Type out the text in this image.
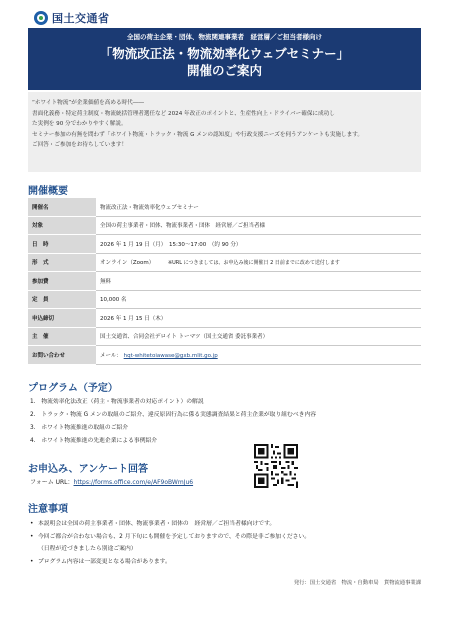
国土交通省
全国の荷主企業・団体、物流関連事業者　経営層／ご担当者様向け
「物流改正法・物流効率化ウェブセミナー」
開催のご案内
“ホワイト物流”が企業価値を高める時代――
書面化義務・特定荷主制度・物流統括管理者選任など 2024 年改正のポイントと、生産性向上・ドライバー確保に成功し
た実例を 90 分でわかりやすく解説。
セミナー参加の有無を問わず「ホワイト物流・トラック・物流 G メンの認知度」や行政支援ニーズを伺うアンケートも実施します。
ご回答・ご参加をお待ちしています！
開催概要
開催名	物流改正法・物流効率化ウェブセミナー
対象	全国の荷主事業者・団体、物流事業者・団体　経営層／ご担当者様
日　時	2026 年 1 月 19 日（月）　15:30～17:00　（約 90 分）
形　式	オンライン（Zoom） ※URL につきましては、お申込み後に開催日 2 日前までに改めて送付します
参加費	無料
定　員	10,000 名
申込締切	2026 年 1 月 15 日（木）
主　催	国土交通省、合同会社デロイト トーマツ（国土交通省 委託事業者）
お問い合わせ	メール： hqt-whitetoiawase@gxb.mlit.go.jp
プログラム（予定）
1.　物流効率化法改正（荷主・物流事業者の対応ポイント）の解説
2.　トラック・物流 G メンの取組のご紹介、違反原因行為に係る実態調査結果と荷主企業が取り組むべき内容
3.　ホワイト物流推進の取組のご紹介
4.　ホワイト物流推進の先進企業による事例紹介
お申込み、アンケート回答
フォーム URL：https://forms.office.com/e/AF9oBWmJu6
注意事項
• 本説明会は全国の荷主事業者・団体、物流事業者・団体の　経営層／ご担当者様向けです。
• 今回ご都合が合わない場合も、2 月下旬にも開催を予定しておりますので、その際是非ご参加ください。
（日程が近づきましたら別途ご案内）
• プログラム内容は一部変更となる場合があります。
発行：国土交通省　物流・自動車局　貨物流通事業課
